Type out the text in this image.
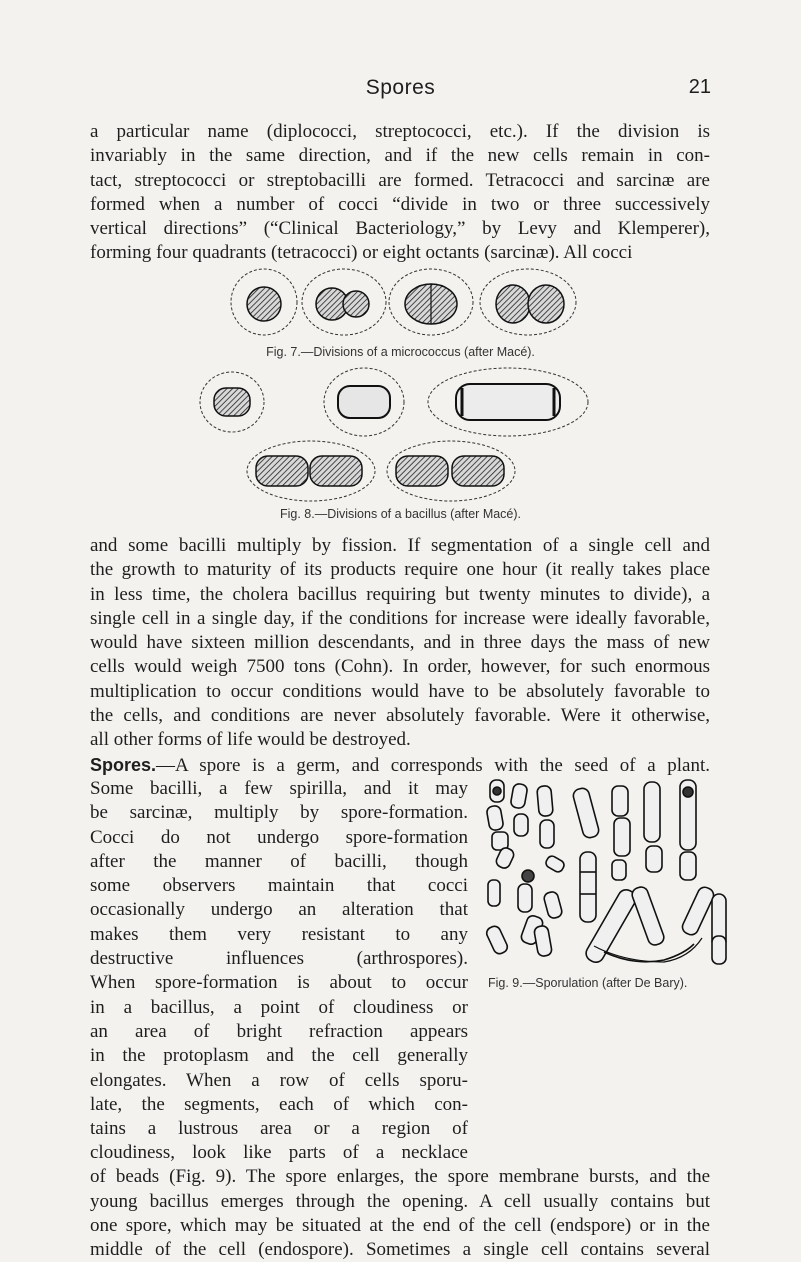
Spores	21
a particular name (diplococci, streptococci, etc.). If the division is
invariably in the same direction, and if the new cells remain in con-
tact, streptococci or streptobacilli are formed. Tetracocci and sarcinæ are
formed when a number of cocci “divide in two or three successively
vertical directions” (“Clinical Bacteriology,” by Levy and Klemperer),
forming four quadrants (tetracocci) or eight octants (sarcinæ). All cocci
Fig. 7.—Divisions of a micrococcus (after Macé).
Fig. 8.—Divisions of a bacillus (after Macé).
and some bacilli multiply by fission. If segmentation of a single cell and
the growth to maturity of its products require one hour (it really takes place
in less time, the cholera bacillus requiring but twenty minutes to divide), a
single cell in a single day, if the conditions for increase were ideally favorable,
would have sixteen million descendants, and in three days the mass of new
cells would weigh 7500 tons (Cohn). In order, however, for such enormous
multiplication to occur conditions would have to be absolutely favorable to
the cells, and conditions are never absolutely favorable. Were it otherwise,
all other forms of life would be destroyed.
Spores.—A spore is a germ, and corresponds with the seed of a plant.
Some bacilli, a few spirilla, and it may
be sarcinæ, multiply by spore-formation.
Cocci do not undergo spore-formation
after the manner of bacilli, though
some observers maintain that cocci
occasionally undergo an alteration that
makes them very resistant to any
destructive influences (arthrospores).
When spore-formation is about to occur
in a bacillus, a point of cloudiness or
an area of bright refraction appears
in the protoplasm and the cell generally
elongates. When a row of cells sporu-
late, the segments, each of which con-
tains a lustrous area or a region of
Fig. 9.—Sporulation (after De Bary).
cloudiness, look like parts of a necklace
of beads (Fig. 9). The spore enlarges, the spore membrane bursts, and the
young bacillus emerges through the opening. A cell usually contains but
one spore, which may be situated at the end of the cell (endspore) or in the
middle of the cell (endospore). Sometimes a single cell contains several
